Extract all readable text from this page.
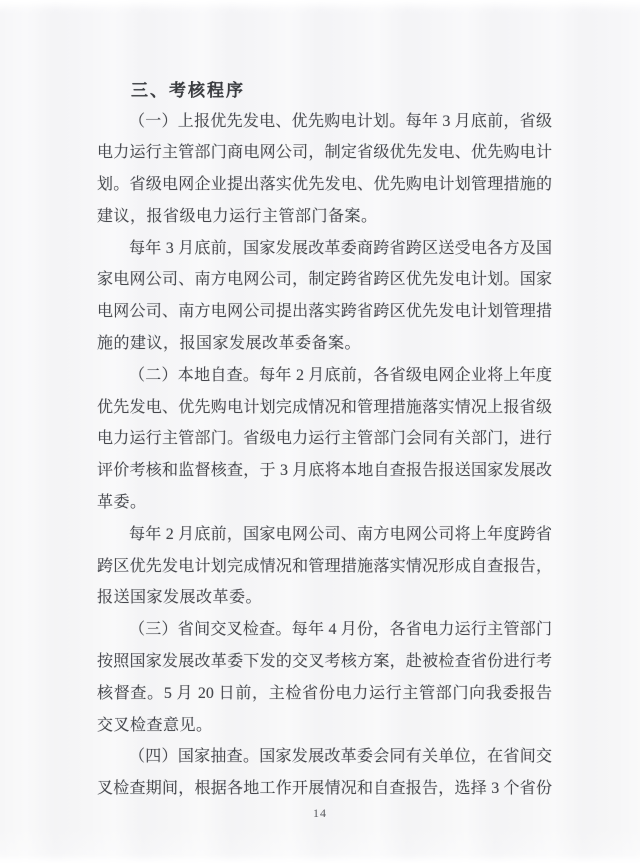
三、考核程序
（一）上报优先发电、优先购电计划。每年 3 月底前，省级
电力运行主管部门商电网公司，制定省级优先发电、优先购电计
划。省级电网企业提出落实优先发电、优先购电计划管理措施的
建议，报省级电力运行主管部门备案。
每年 3 月底前，国家发展改革委商跨省跨区送受电各方及国
家电网公司、南方电网公司，制定跨省跨区优先发电计划。国家
电网公司、南方电网公司提出落实跨省跨区优先发电计划管理措
施的建议，报国家发展改革委备案。
（二）本地自查。每年 2 月底前，各省级电网企业将上年度
优先发电、优先购电计划完成情况和管理措施落实情况上报省级
电力运行主管部门。省级电力运行主管部门会同有关部门，进行
评价考核和监督核查，于 3 月底将本地自查报告报送国家发展改
革委。
每年 2 月底前，国家电网公司、南方电网公司将上年度跨省
跨区优先发电计划完成情况和管理措施落实情况形成自查报告，
报送国家发展改革委。
（三）省间交叉检查。每年 4 月份，各省电力运行主管部门
按照国家发展改革委下发的交叉考核方案，赴被检查省份进行考
核督查。5 月 20 日前，主检省份电力运行主管部门向我委报告
交叉检查意见。
（四）国家抽查。国家发展改革委会同有关单位，在省间交
叉检查期间，根据各地工作开展情况和自查报告，选择 3 个省份
14
